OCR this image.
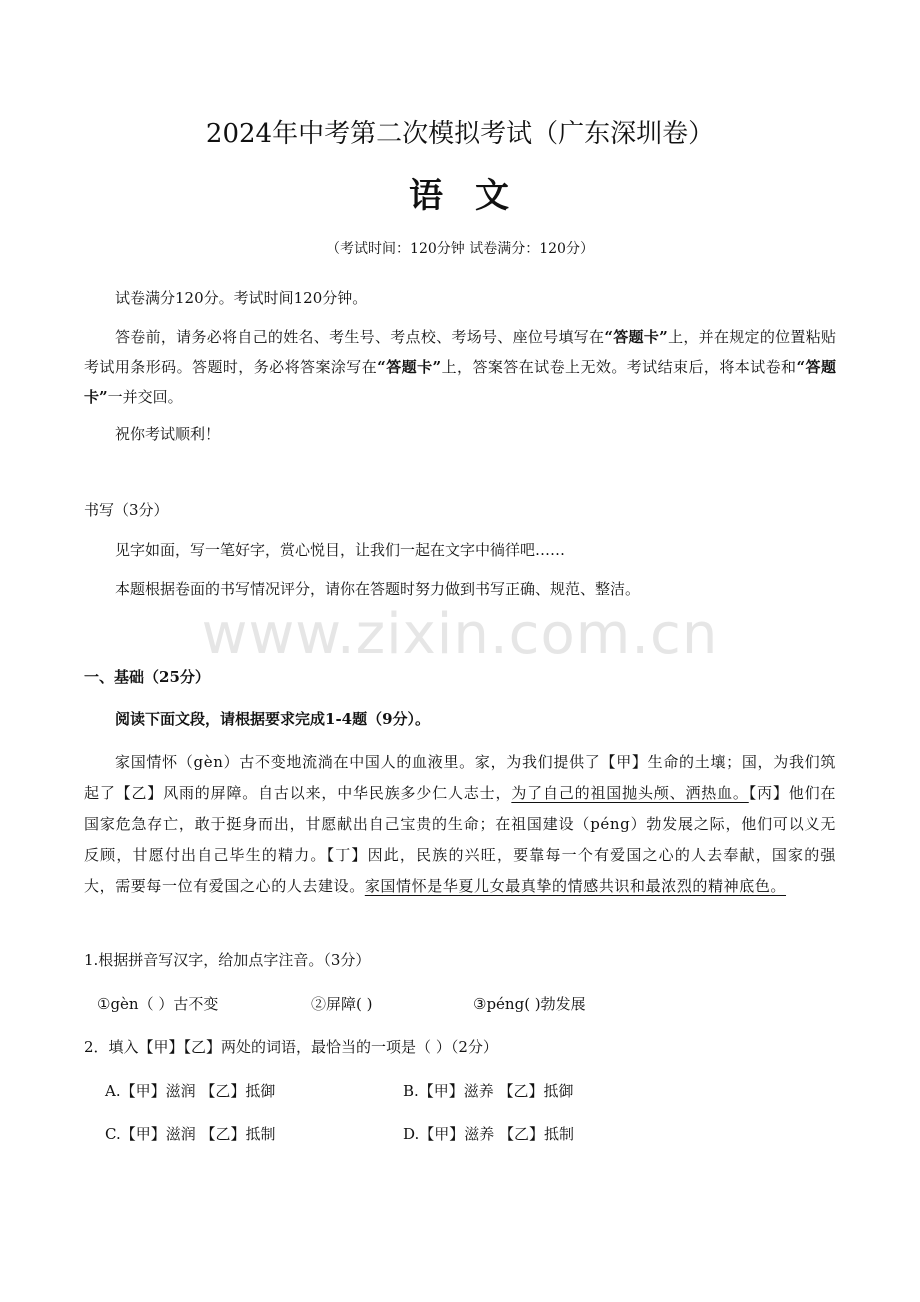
www.zixin.com.cn
2024年中考第二次模拟考试（广东深圳卷）
语 文
（考试时间：120分钟 试卷满分：120分）
试卷满分120分。考试时间120分钟。
答卷前，请务必将自己的姓名、考生号、考点校、考场号、座位号填写在“答题卡”上，并在规定的位置粘贴考试用条形码。答题时，务必将答案涂写在“答题卡”上，答案答在试卷上无效。考试结束后，将本试卷和“答题卡”一并交回。
祝你考试顺利！
书写（3分）
见字如面，写一笔好字，赏心悦目，让我们一起在文字中徜徉吧……
本题根据卷面的书写情况评分，请你在答题时努力做到书写正确、规范、整洁。
一、基础（25分）
阅读下面文段，请根据要求完成1-4题（9分）。
家国情怀（gèn）古不变地流淌在中国人的血液里。家，为我们提供了【甲】生命的土壤；国，为我们筑起了【乙】风雨的屏障。自古以来，中华民族多少仁人志士，为了自己的祖国抛头颅、洒热血。【丙】他们在国家危急存亡，敢于挺身而出，甘愿献出自己宝贵的生命；在祖国建设（péng）勃发展之际，他们可以义无反顾，甘愿付出自己毕生的精力。【丁】因此，民族的兴旺，要靠每一个有爱国之心的人去奉献，国家的强大，需要每一位有爱国之心的人去建设。家国情怀是华夏儿女最真挚的情感共识和最浓烈的精神底色。
1.根据拼音写汉字，给加点字注音。（3分）
①gèn（ ）古不变	②屏障( )	③péng( )勃发展
2．填入【甲】【乙】两处的词语，最恰当的一项是（ ）（2分）
A.【甲】滋润 【乙】抵御	B.【甲】滋养 【乙】抵御
C.【甲】滋润 【乙】抵制	D.【甲】滋养 【乙】抵制
